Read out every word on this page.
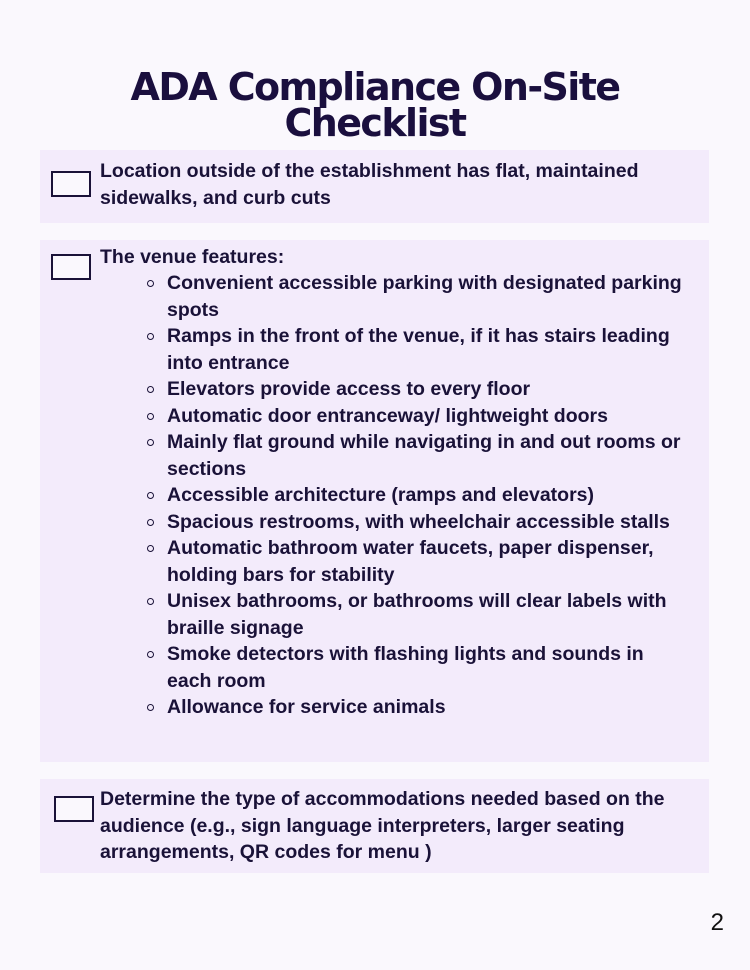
ADA Compliance On-Site
Checklist
Location outside of the establishment has flat, maintained sidewalks, and curb cuts
The venue features:
Convenient accessible parking with designated parking spots
Ramps in the front of the venue, if it has stairs leading into entrance
Elevators provide access to every floor
Automatic door entranceway/ lightweight doors
Mainly flat ground while navigating in and out rooms or sections
Accessible architecture (ramps and elevators)
Spacious restrooms, with wheelchair accessible stalls
Automatic bathroom water faucets, paper dispenser, holding bars for stability
Unisex bathrooms, or bathrooms will clear labels with braille signage
Smoke detectors with flashing lights and sounds in each room
Allowance for service animals
Determine the type of accommodations needed based on the audience (e.g., sign language interpreters, larger seating arrangements, QR codes for menu )
2
